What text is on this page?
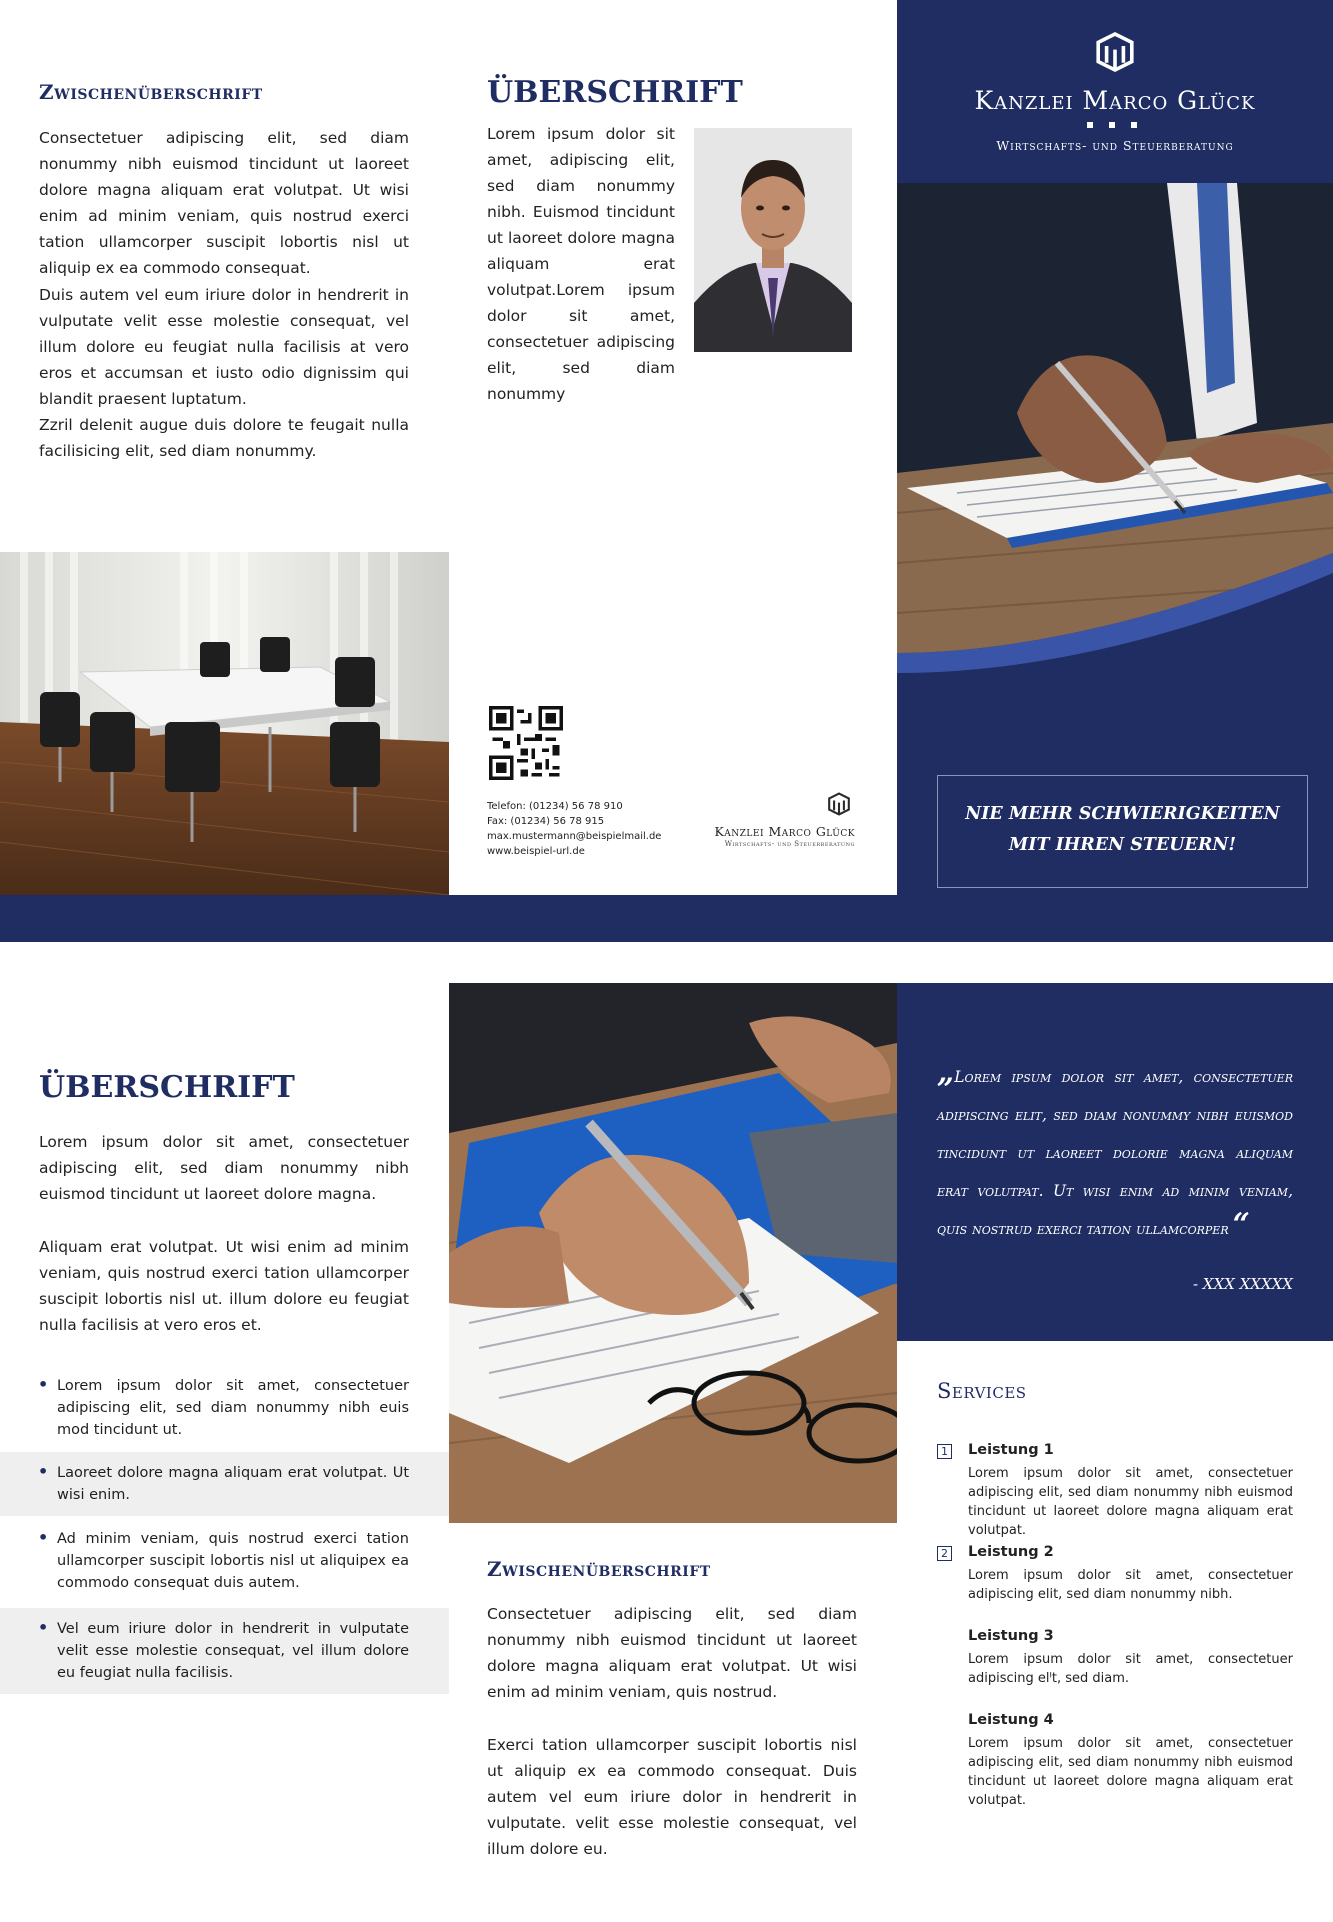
Zwischenüberschrift
Consectetuer adipiscing elit, sed diam nonummy nibh euismod tincidunt ut laoreet dolore magna aliquam erat volutpat. Ut wisi enim ad minim veniam, quis nostrud exerci tation ullamcorper suscipit lobortis nisl ut aliquip ex ea commodo consequat.
Duis autem vel eum iriure dolor in hendrerit in vulputate velit esse molestie consequat, vel illum dolore eu feugiat nulla facilisis at vero eros et accumsan et iusto odio dignissim qui blandit praesent luptatum.
Zzril delenit augue duis dolore te feugait nulla facilisicing elit, sed diam nonummy.
ÜBERSCHRIFT
Lorem ipsum dolor sit amet, adipiscing elit, sed diam nonummy nibh. Euismod tincidunt ut laoreet dolore magna aliquam erat volutpat.Lorem ipsum dolor sit amet, consectetuer adipiscing elit, sed diam nonummy
Telefon: (01234) 56 78 910
Fax: (01234) 56 78 915
max.mustermann@beispielmail.de
www.beispiel-url.de
Kanzlei Marco Glück
Wirtschafts- und Steuerberatung
Kanzlei Marco Glück
Wirtschafts- und Steuerberatung
NIE MEHR SCHWIERIGKEITEN
MIT IHREN STEUERN!
ÜBERSCHRIFT
Lorem ipsum dolor sit amet, consectetuer adipiscing elit, sed diam nonummy nibh euismod tincidunt ut laoreet dolore magna.
Aliquam erat volutpat. Ut wisi enim ad minim veniam, quis nostrud exerci tation ullamcorper suscipit lobortis nisl ut. illum dolore eu feugiat nulla facilisis at vero eros et.
• Lorem ipsum dolor sit amet, consectetuer adipiscing elit, sed diam nonummy nibh euis mod tincidunt ut.
• Laoreet dolore magna aliquam erat volutpat. Ut wisi enim.
• Ad minim veniam, quis nostrud exerci tation ullamcorper suscipit lobortis nisl ut aliquipex ea commodo consequat duis autem.
• Vel eum iriure dolor in hendrerit in vulputate velit esse molestie consequat, vel illum dolore eu feugiat nulla facilisis.
Zwischenüberschrift
Consectetuer adipiscing elit, sed diam nonummy nibh euismod tincidunt ut laoreet dolore magna aliquam erat volutpat. Ut wisi enim ad minim veniam, quis nostrud.
Exerci tation ullamcorper suscipit lobortis nisl ut aliquip ex ea commodo consequat. Duis autem vel eum iriure dolor in hendrerit in vulputate. velit esse molestie consequat, vel illum dolore eu.
„Lorem ipsum dolor sit amet, consectetuer adipiscing elit, sed diam nonummy nibh euismod tincidunt ut laoreet dolorie magna aliquam erat volutpat. Ut wisi enim ad minim veniam, quis nostrud exerci tation ullamcorper “
- XXX XXXXX
Services
1 Leistung 1
Lorem ipsum dolor sit amet, consectetuer adipiscing elit, sed diam nonummy nibh euismod tincidunt ut laoreet dolore magna aliquam erat volutpat.
2 Leistung 2
Lorem ipsum dolor sit amet, consectetuer adipiscing elit, sed diam nonummy nibh.
Leistung 3
Lorem ipsum dolor sit amet, consectetuer adipiscing elᴵt, sed diam.
Leistung 4
Lorem ipsum dolor sit amet, consectetuer adipiscing elit, sed diam nonummy nibh euismod tincidunt ut laoreet dolore magna aliquam erat volutpat.
